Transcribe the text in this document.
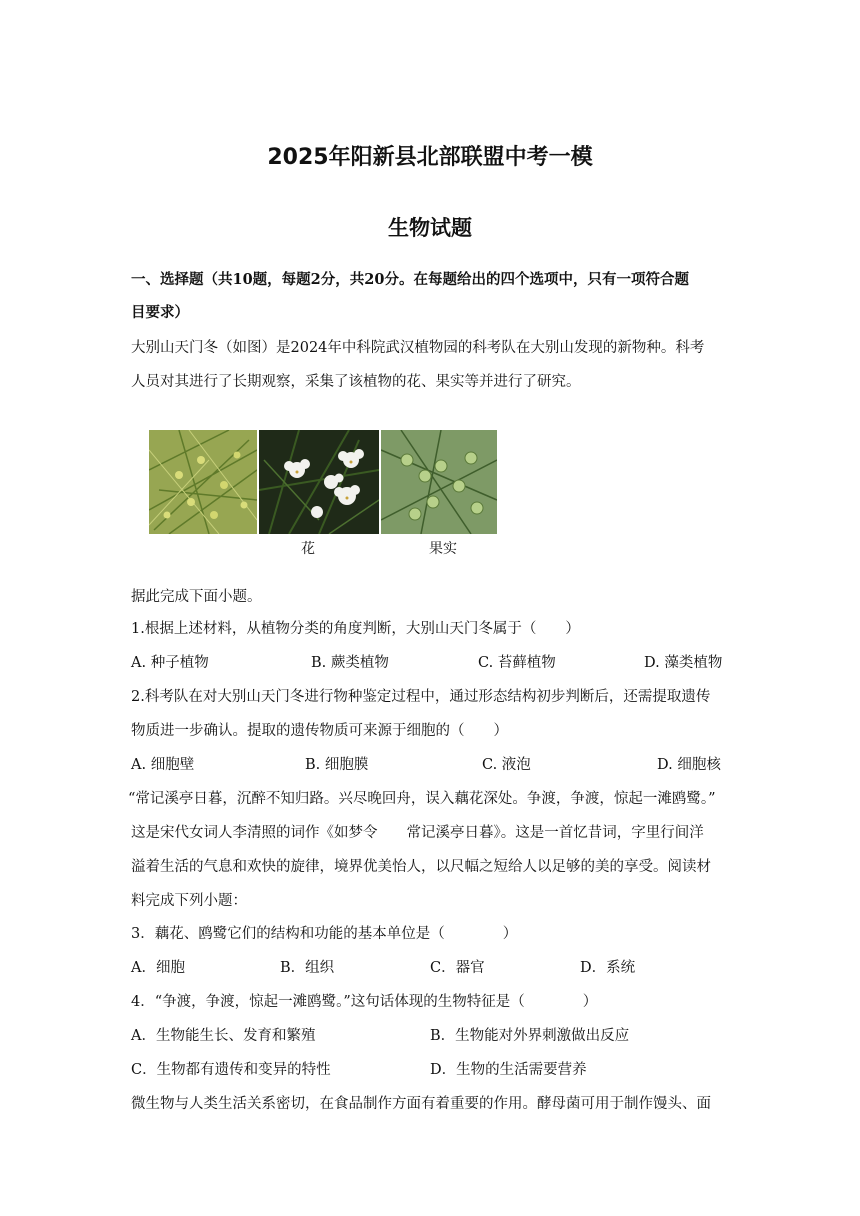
2025年阳新县北部联盟中考一模
生物试题
一、选择题（共10题，每题2分，共20分。在每题给出的四个选项中，只有一项符合题
目要求）
大别山天门冬（如图）是2024年中科院武汉植物园的科考队在大别山发现的新物种。科考
人员对其进行了长期观察，采集了该植物的花、果实等并进行了研究。
花	果实
据此完成下面小题。
1.根据上述材料，从植物分类的角度判断，大别山天门冬属于（　　）
A. 种子植物	B. 蕨类植物	C. 苔藓植物	D. 藻类植物
2.科考队在对大别山天门冬进行物种鉴定过程中，通过形态结构初步判断后，还需提取遗传
物质进一步确认。提取的遗传物质可来源于细胞的（　　）
A. 细胞壁	B. 细胞膜	C. 液泡	D. 细胞核
“常记溪亭日暮，沉醉不知归路。兴尽晚回舟，误入藕花深处。争渡，争渡，惊起一滩鸥鹭。”
这是宋代女词人李清照的词作《如梦令　　常记溪亭日暮》。这是一首忆昔词，字里行间洋
溢着生活的气息和欢快的旋律，境界优美怡人，以尺幅之短给人以足够的美的享受。阅读材
料完成下列小题：
3．藕花、鸥鹭它们的结构和功能的基本单位是（　　　　）
A．细胞	B．组织	C．器官	D．系统
4．“争渡，争渡，惊起一滩鸥鹭。”这句话体现的生物特征是（　　　　）
A．生物能生长、发育和繁殖	B．生物能对外界刺激做出反应
C．生物都有遗传和变异的特性	D．生物的生活需要营养
微生物与人类生活关系密切，在食品制作方面有着重要的作用。酵母菌可用于制作馒头、面
